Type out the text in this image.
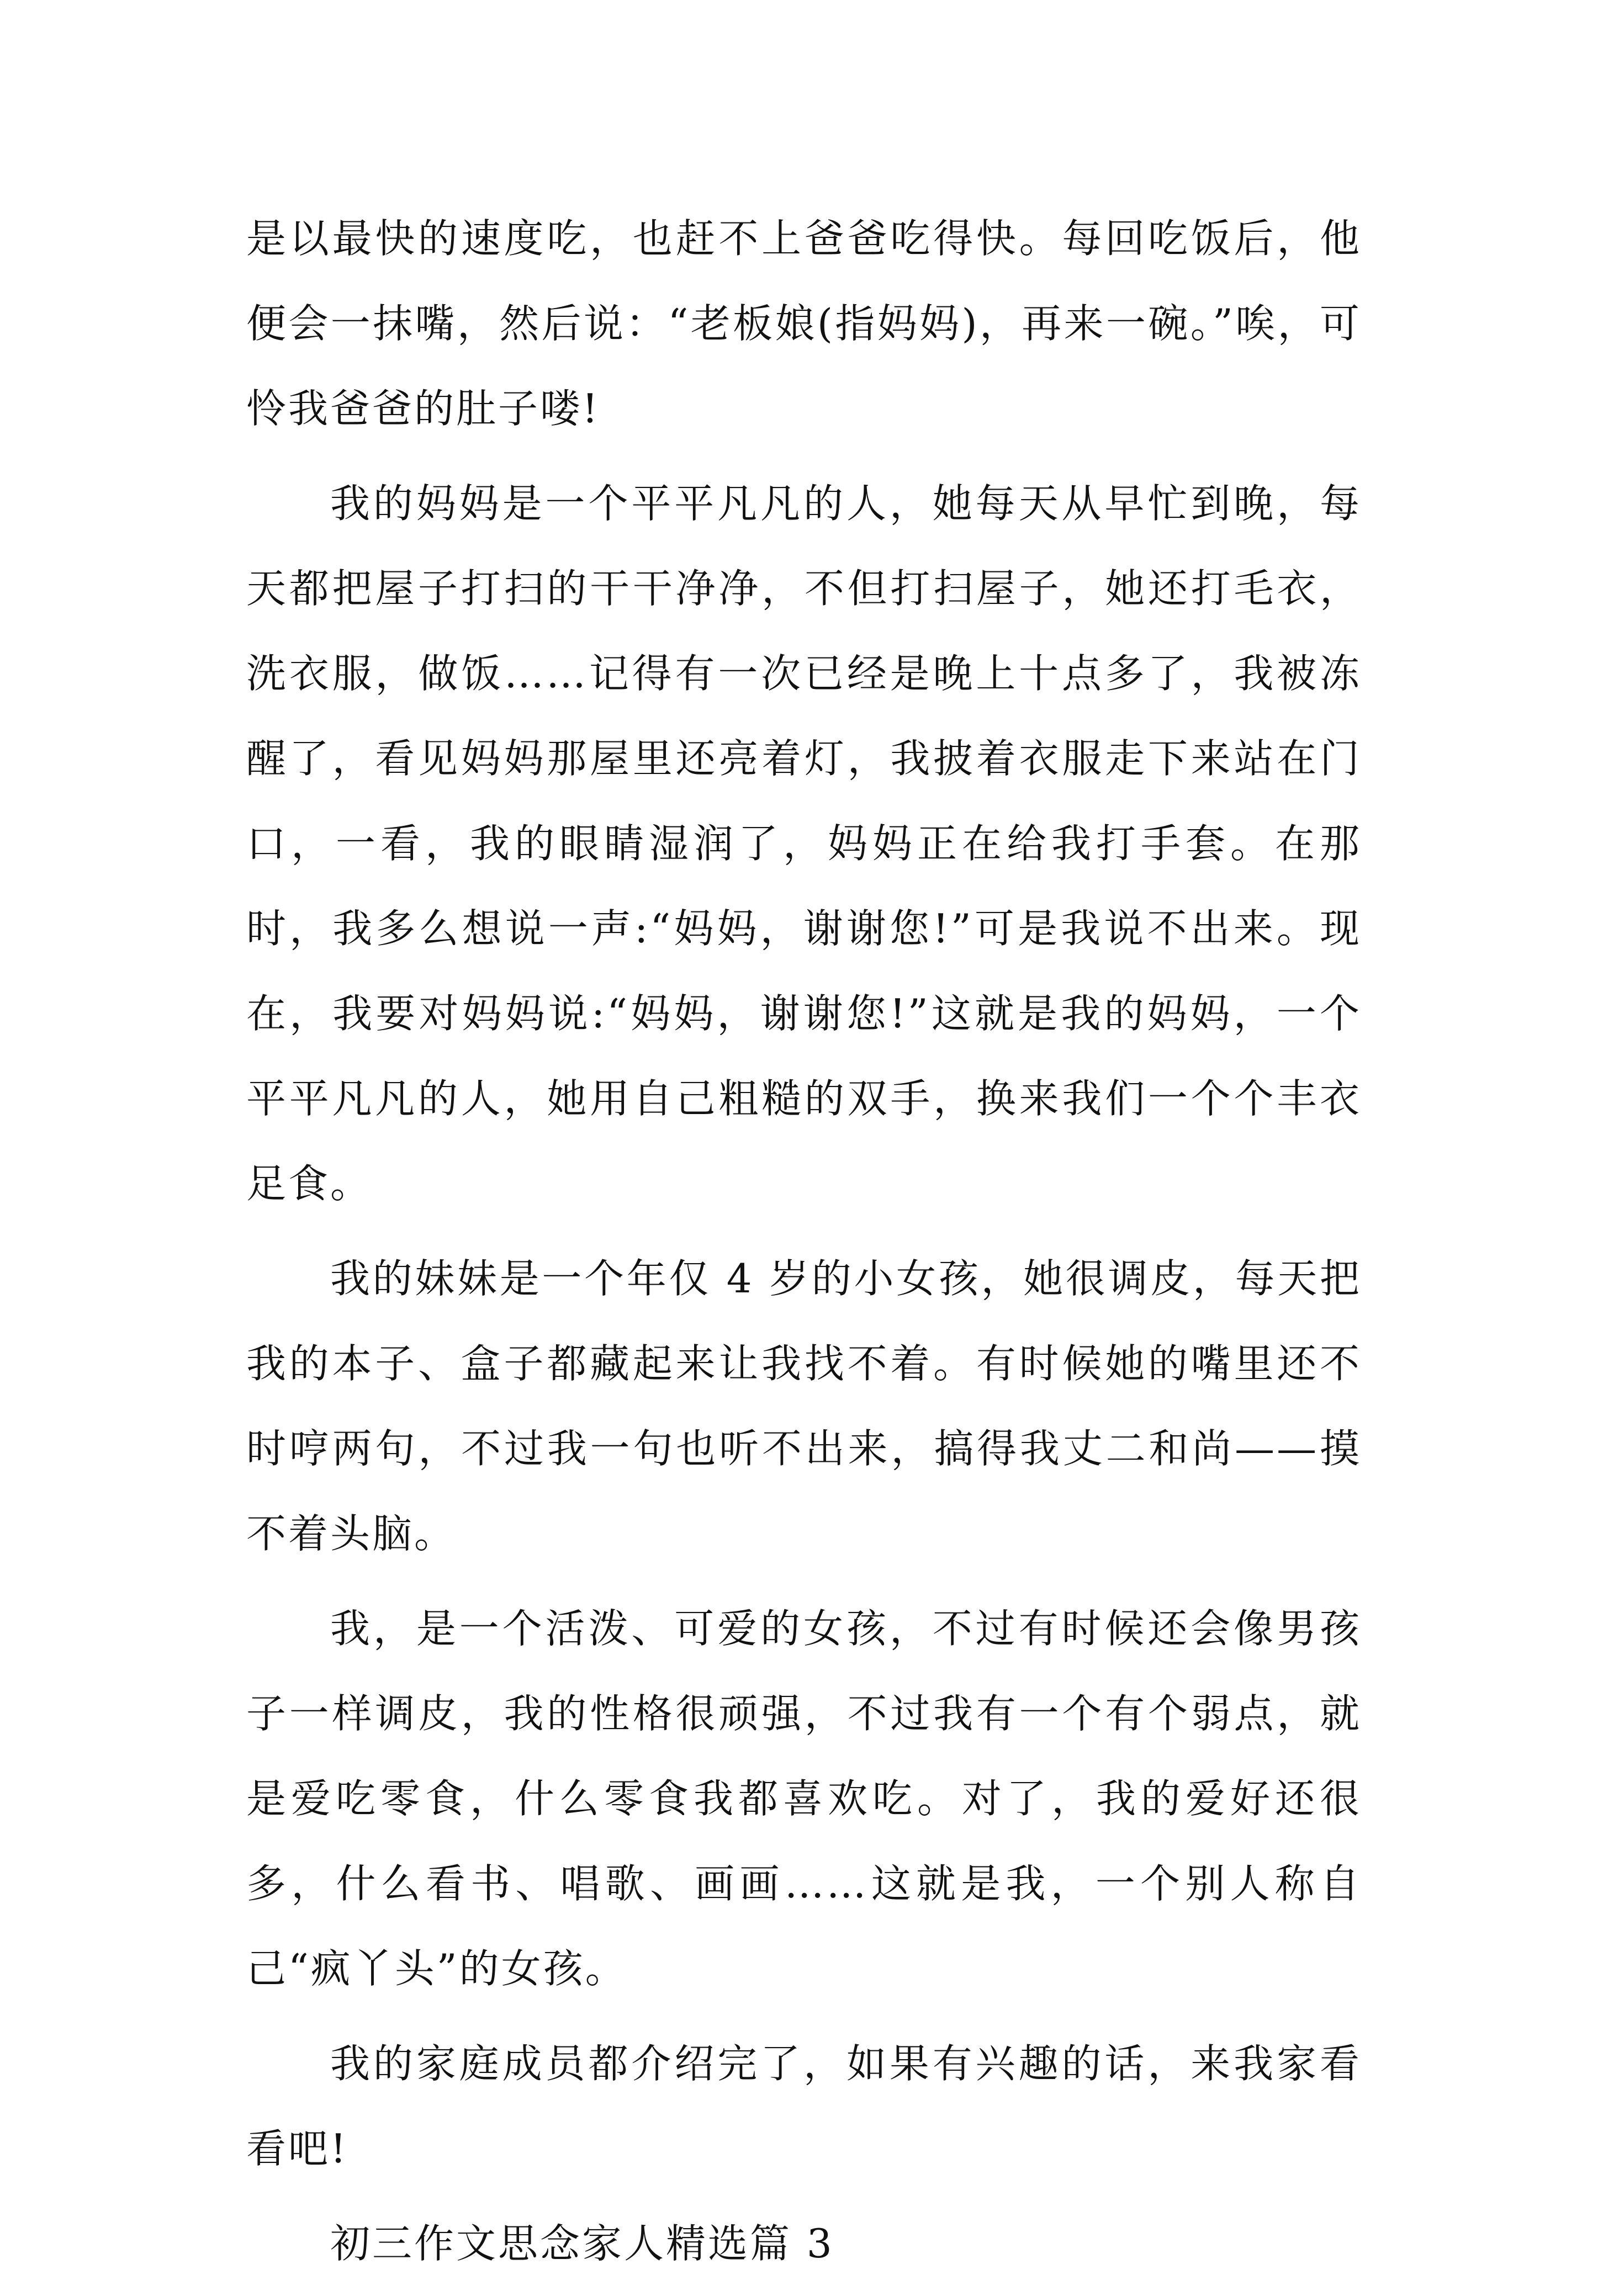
是以最快的速度吃，也赶不上爸爸吃得快。每回吃饭后，他便会一抹嘴，然后说：“老板娘(指妈妈)，再来一碗。”唉，可怜我爸爸的肚子喽!

我的妈妈是一个平平凡凡的人，她每天从早忙到晚，每天都把屋子打扫的干干净净，不但打扫屋子，她还打毛衣，洗衣服，做饭……记得有一次已经是晚上十点多了，我被冻醒了，看见妈妈那屋里还亮着灯，我披着衣服走下来站在门口，一看，我的眼睛湿润了，妈妈正在给我打手套。在那时，我多么想说一声:“妈妈，谢谢您!”可是我说不出来。现在，我要对妈妈说:“妈妈，谢谢您!”这就是我的妈妈，一个平平凡凡的人，她用自己粗糙的双手，换来我们一个个丰衣足食。

我的妹妹是一个年仅 4 岁的小女孩，她很调皮，每天把我的本子、盒子都藏起来让我找不着。有时候她的嘴里还不时哼两句，不过我一句也听不出来，搞得我丈二和尚——摸不着头脑。

我，是一个活泼、可爱的女孩，不过有时候还会像男孩子一样调皮，我的性格很顽强，不过我有一个有个弱点，就是爱吃零食，什么零食我都喜欢吃。对了，我的爱好还很多，什么看书、唱歌、画画……这就是我，一个别人称自己“疯丫头”的女孩。

我的家庭成员都介绍完了，如果有兴趣的话，来我家看看吧!

初三作文思念家人精选篇 3
